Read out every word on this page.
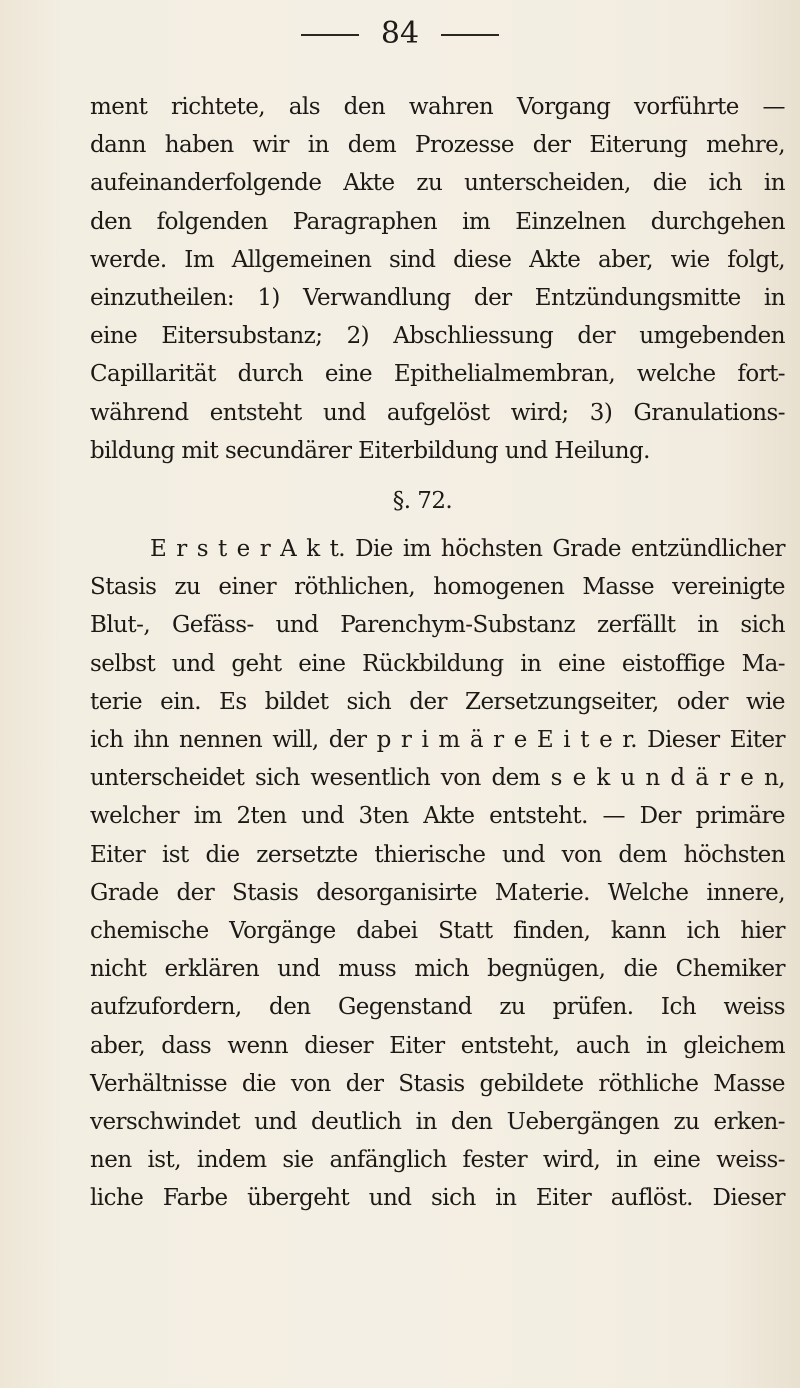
84
ment richtete, als den wahren Vorgang vorführte —
dann haben wir in dem Prozesse der Eiterung mehre,
aufeinanderfolgende Akte zu unterscheiden, die ich in
den folgenden Paragraphen im Einzelnen durchgehen
werde. Im Allgemeinen sind diese Akte aber, wie folgt,
einzutheilen: 1) Verwandlung der Entzündungsmitte in
eine Eitersubstanz; 2) Abschliessung der umgebenden
Capillarität durch eine Epithelialmembran, welche fort-
während entsteht und aufgelöst wird; 3) Granulations-
bildung mit secundärer Eiterbildung und Heilung.
§. 72.
E r s t e r A k t. Die im höchsten Grade entzündlicher
Stasis zu einer röthlichen, homogenen Masse vereinigte
Blut-, Gefäss- und Parenchym-Substanz zerfällt in sich
selbst und geht eine Rückbildung in eine eistoffige Ma-
terie ein. Es bildet sich der Zersetzungseiter, oder wie
ich ihn nennen will, der p r i m ä r e E i t e r. Dieser Eiter
unterscheidet sich wesentlich von dem s e k u n d ä r e n,
welcher im 2ten und 3ten Akte entsteht. — Der primäre
Eiter ist die zersetzte thierische und von dem höchsten
Grade der Stasis desorganisirte Materie. Welche innere,
chemische Vorgänge dabei Statt finden, kann ich hier
nicht erklären und muss mich begnügen, die Chemiker
aufzufordern, den Gegenstand zu prüfen. Ich weiss
aber, dass wenn dieser Eiter entsteht, auch in gleichem
Verhältnisse die von der Stasis gebildete röthliche Masse
verschwindet und deutlich in den Uebergängen zu erken-
nen ist, indem sie anfänglich fester wird, in eine weiss-
liche Farbe übergeht und sich in Eiter auflöst. Dieser
